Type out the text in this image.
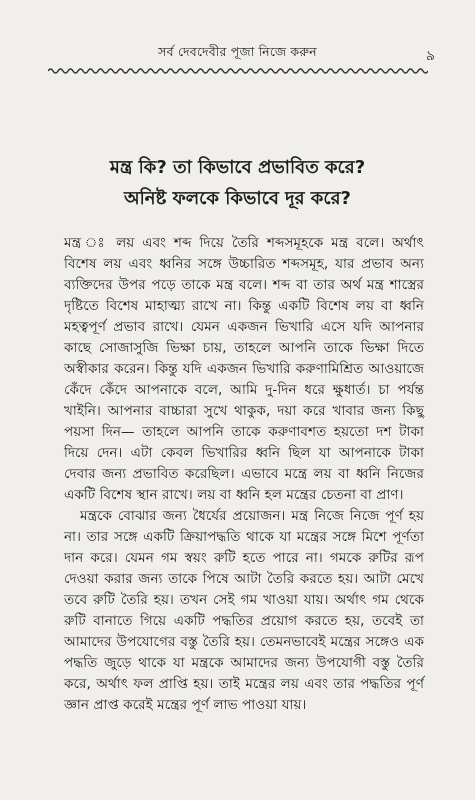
সর্ব দেবদেবীর পূজা নিজে করুন	৯
মন্ত্র কি? তা কিভাবে প্রভাবিত করে?
অনিষ্ট ফলকে কিভাবে দূর করে?

মন্ত্র ঃ লয় এবং শব্দ দিয়ে তৈরি শব্দসমূহকে মন্ত্র বলে। অর্থাৎ বিশেষ লয় এবং ধ্বনির সঙ্গে উচ্চারিত শব্দসমূহ, যার প্রভাব অন্য ব্যক্তিদের উপর পড়ে তাকে মন্ত্র বলে। শব্দ বা তার অর্থ মন্ত্র শাস্ত্রের দৃষ্টিতে বিশেষ মাহাত্ম্য রাখে না। কিন্তু একটি বিশেষ লয় বা ধ্বনি মহত্বপূর্ণ প্রভাব রাখে। যেমন একজন ভিখারি এসে যদি আপনার কাছে সোজাসুজি ভিক্ষা চায়, তাহলে আপনি তাকে ভিক্ষা দিতে অস্বীকার করেন। কিন্তু যদি একজন ভিখারি করুণামিশ্রিত আওয়াজে কেঁদে কেঁদে আপনাকে বলে, আমি দু-দিন ধরে ক্ষুধার্ত। চা পর্যন্ত খাইনি। আপনার বাচ্চারা সুখে থাকুক, দয়া করে খাবার জন্য কিছু পয়সা দিন— তাহলে আপনি তাকে করুণাবশত হয়তো দশ টাকা দিয়ে দেন। এটা কেবল ভিখারির ধ্বনি ছিল যা আপনাকে টাকা দেবার জন্য প্রভাবিত করেছিল। এভাবে মন্ত্রে লয় বা ধ্বনি নিজের একটি বিশেষ স্থান রাখে। লয় বা ধ্বনি হল মন্ত্রের চেতনা বা প্রাণ।

মন্ত্রকে বোঝার জন্য ধৈর্যের প্রয়োজন। মন্ত্র নিজে নিজে পূর্ণ হয় না। তার সঙ্গে একটি ক্রিয়াপদ্ধতি থাকে যা মন্ত্রের সঙ্গে মিশে পূর্ণতা দান করে। যেমন গম স্বয়ং রুটি হতে পারে না। গমকে রুটির রূপ দেওয়া করার জন্য তাকে পিষে আটা তৈরি করতে হয়। আটা মেখে তবে রুটি তৈরি হয়। তখন সেই গম খাওয়া যায়। অর্থাৎ গম থেকে রুটি বানাতে গিয়ে একটি পদ্ধতির প্রয়োগ করতে হয়, তবেই তা আমাদের উপযোগের বস্তু তৈরি হয়। তেমনভাবেই মন্ত্রের সঙ্গেও এক পদ্ধতি জুড়ে থাকে যা মন্ত্রকে আমাদের জন্য উপযোগী বস্তু তৈরি করে, অর্থাৎ ফল প্রাপ্তি হয়। তাই মন্ত্রের লয় এবং তার পদ্ধতির পূর্ণ জ্ঞান প্রাপ্ত করেই মন্ত্রের পূর্ণ লাভ পাওয়া যায়।
